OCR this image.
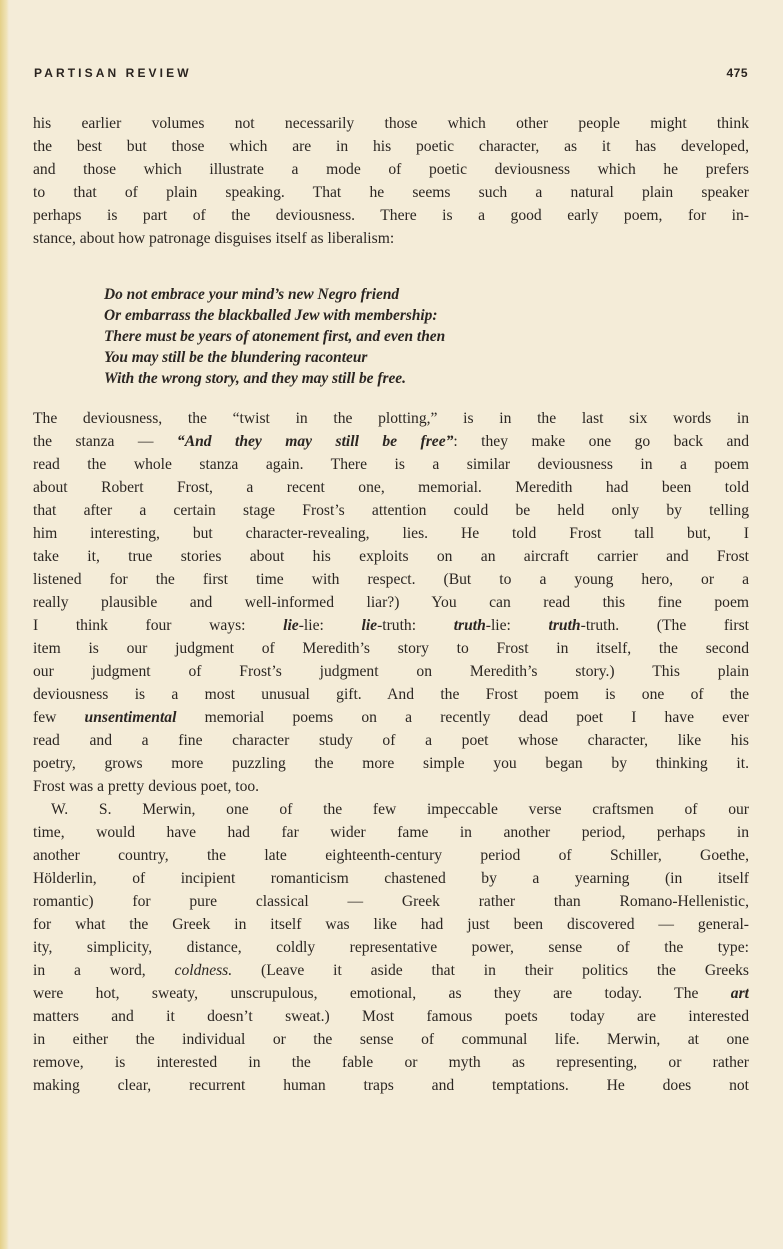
PARTISAN REVIEW	475
his earlier volumes not necessarily those which other people might think
the best but those which are in his poetic character, as it has developed,
and those which illustrate a mode of poetic deviousness which he prefers
to that of plain speaking. That he seems such a natural plain speaker
perhaps is part of the deviousness. There is a good early poem, for in-
stance, about how patronage disguises itself as liberalism:
Do not embrace your mind’s new Negro friend
Or embarrass the blackballed Jew with membership:
There must be years of atonement first, and even then
You may still be the blundering raconteur
With the wrong story, and they may still be free.
The deviousness, the “twist in the plotting,” is in the last six words in
the stanza — “And they may still be free”: they make one go back and
read the whole stanza again. There is a similar deviousness in a poem
about Robert Frost, a recent one, memorial. Meredith had been told
that after a certain stage Frost’s attention could be held only by telling
him interesting, but character-revealing, lies. He told Frost tall but, I
take it, true stories about his exploits on an aircraft carrier and Frost
listened for the first time with respect. (But to a young hero, or a
really plausible and well-informed liar?) You can read this fine poem
I think four ways: lie-lie: lie-truth: truth-lie: truth-truth. (The first
item is our judgment of Meredith’s story to Frost in itself, the second
our judgment of Frost’s judgment on Meredith’s story.) This plain
deviousness is a most unusual gift. And the Frost poem is one of the
few unsentimental memorial poems on a recently dead poet I have ever
read and a fine character study of a poet whose character, like his
poetry, grows more puzzling the more simple you began by thinking it.
Frost was a pretty devious poet, too.
W. S. Merwin, one of the few impeccable verse craftsmen of our
time, would have had far wider fame in another period, perhaps in
another country, the late eighteenth-century period of Schiller, Goethe,
Hölderlin, of incipient romanticism chastened by a yearning (in itself
romantic) for pure classical — Greek rather than Romano-Hellenistic,
for what the Greek in itself was like had just been discovered — general-
ity, simplicity, distance, coldly representative power, sense of the type:
in a word, coldness. (Leave it aside that in their politics the Greeks
were hot, sweaty, unscrupulous, emotional, as they are today. The art
matters and it doesn’t sweat.) Most famous poets today are interested
in either the individual or the sense of communal life. Merwin, at one
remove, is interested in the fable or myth as representing, or rather
making clear, recurrent human traps and temptations. He does not
